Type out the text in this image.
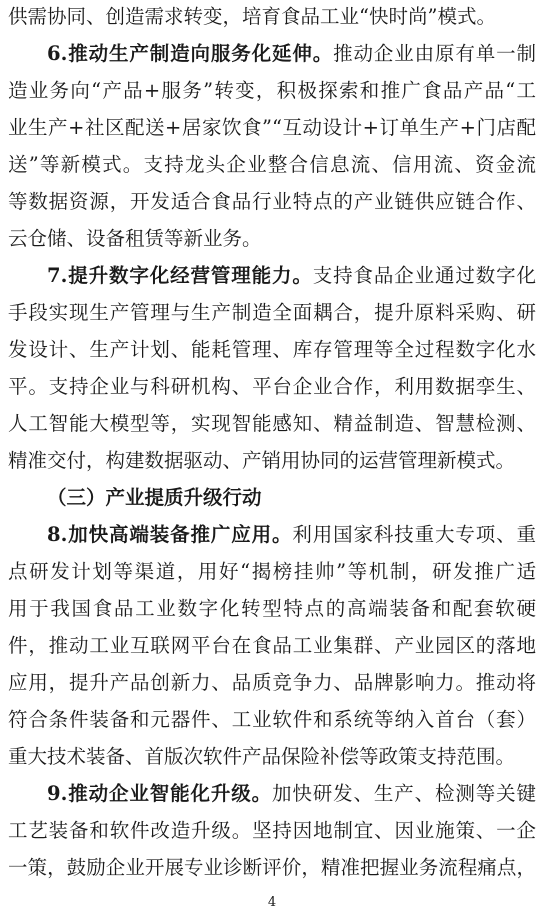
供需协同、创造需求转变，培育食品工业“快时尚”模式。
6.推动生产制造向服务化延伸。推动企业由原有单一制
造业务向“产品+服务”转变，积极探索和推广食品产品“工
业生产+社区配送+居家饮食”“互动设计+订单生产+门店配
送”等新模式。支持龙头企业整合信息流、信用流、资金流
等数据资源，开发适合食品行业特点的产业链供应链合作、
云仓储、设备租赁等新业务。
7.提升数字化经营管理能力。支持食品企业通过数字化
手段实现生产管理与生产制造全面耦合，提升原料采购、研
发设计、生产计划、能耗管理、库存管理等全过程数字化水
平。支持企业与科研机构、平台企业合作，利用数据孪生、
人工智能大模型等，实现智能感知、精益制造、智慧检测、
精准交付，构建数据驱动、产销用协同的运营管理新模式。
（三）产业提质升级行动
8.加快高端装备推广应用。利用国家科技重大专项、重
点研发计划等渠道，用好“揭榜挂帅”等机制，研发推广适
用于我国食品工业数字化转型特点的高端装备和配套软硬
件，推动工业互联网平台在食品工业集群、产业园区的落地
应用，提升产品创新力、品质竞争力、品牌影响力。推动将
符合条件装备和元器件、工业软件和系统等纳入首台（套）
重大技术装备、首版次软件产品保险补偿等政策支持范围。
9.推动企业智能化升级。加快研发、生产、检测等关键
工艺装备和软件改造升级。坚持因地制宜、因业施策、一企
一策，鼓励企业开展专业诊断评价，精准把握业务流程痛点，
4
